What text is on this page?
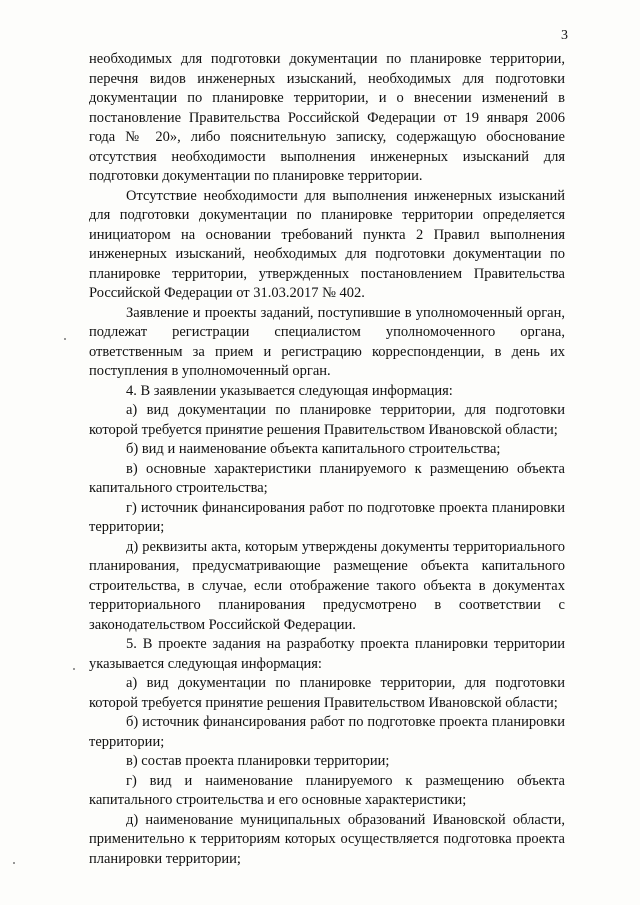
3

необходимых для подготовки документации по планировке территории, перечня видов инженерных изысканий, необходимых для подготовки документации по планировке территории, и о внесении изменений в постановление Правительства Российской Федерации от 19 января 2006 года № 20», либо пояснительную записку, содержащую обоснование отсутствия необходимости выполнения инженерных изысканий для подготовки документации по планировке территории.

Отсутствие необходимости для выполнения инженерных изысканий для подготовки документации по планировке территории определяется инициатором на основании требований пункта 2 Правил выполнения инженерных изысканий, необходимых для подготовки документации по планировке территории, утвержденных постановлением Правительства Российской Федерации от 31.03.2017 № 402.

Заявление и проекты заданий, поступившие в уполномоченный орган, подлежат регистрации специалистом уполномоченного органа, ответственным за прием и регистрацию корреспонденции, в день их поступления в уполномоченный орган.

4. В заявлении указывается следующая информация:

а) вид документации по планировке территории, для подготовки которой требуется принятие решения Правительством Ивановской области;

б) вид и наименование объекта капитального строительства;

в) основные характеристики планируемого к размещению объекта капитального строительства;

г) источник финансирования работ по подготовке проекта планировки территории;

д) реквизиты акта, которым утверждены документы территориального планирования, предусматривающие размещение объекта капитального строительства, в случае, если отображение такого объекта в документах территориального планирования предусмотрено в соответствии с законодательством Российской Федерации.

5. В проекте задания на разработку проекта планировки территории указывается следующая информация:

а) вид документации по планировке территории, для подготовки которой требуется принятие решения Правительством Ивановской области;

б) источник финансирования работ по подготовке проекта планировки территории;

в) состав проекта планировки территории;

г) вид и наименование планируемого к размещению объекта капитального строительства и его основные характеристики;

д) наименование муниципальных образований Ивановской области, применительно к территориям которых осуществляется подготовка проекта планировки территории;
